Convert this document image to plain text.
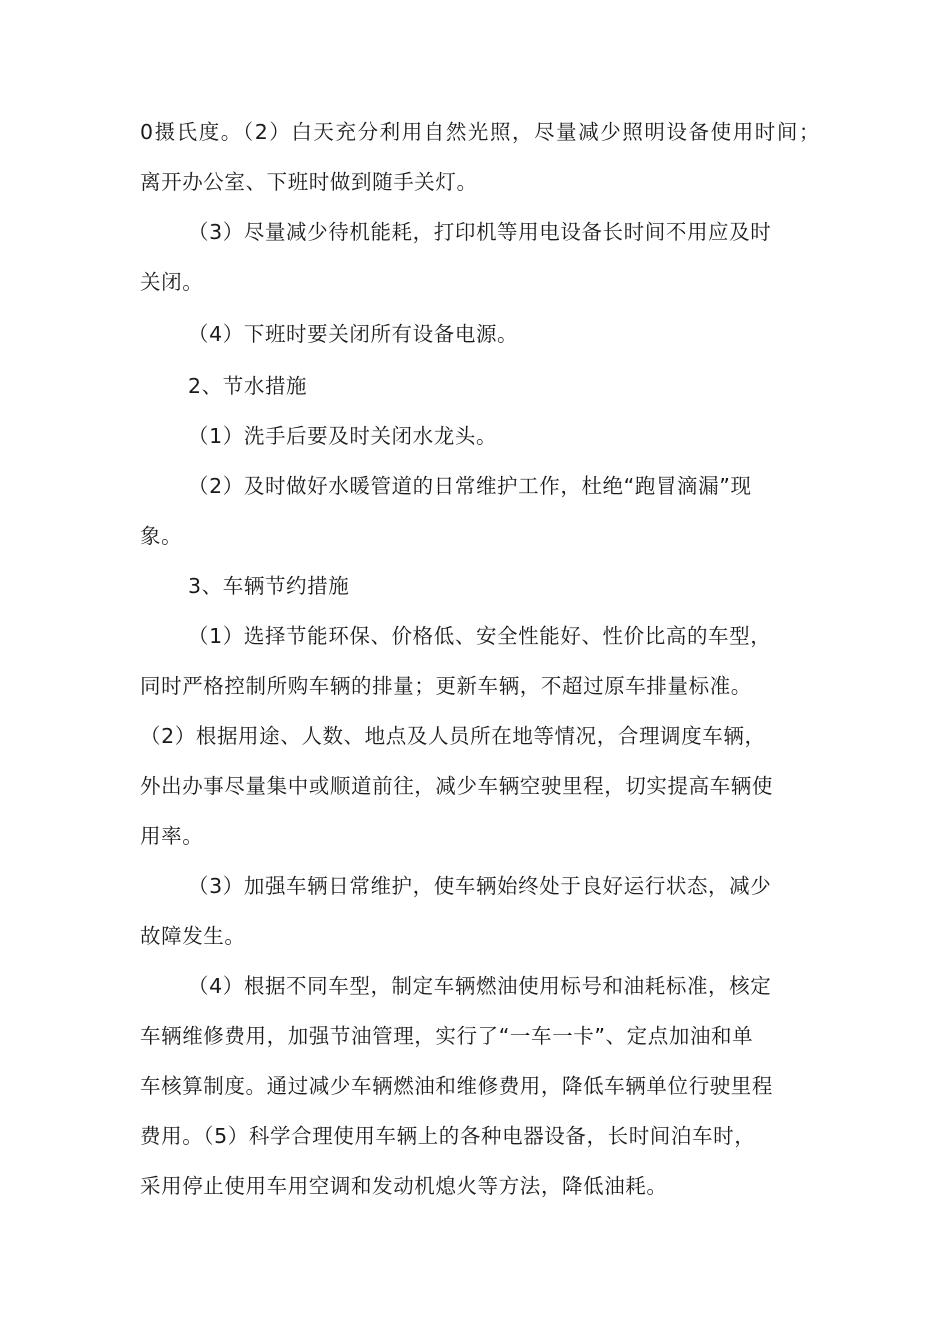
0摄氏度。（2）白天充分利用自然光照，尽量减少照明设备使用时间；
离开办公室、下班时做到随手关灯。
（3）尽量减少待机能耗，打印机等用电设备长时间不用应及时
关闭。
（4）下班时要关闭所有设备电源。
2、节水措施
（1）洗手后要及时关闭水龙头。
（2）及时做好水暖管道的日常维护工作，杜绝“跑冒滴漏”现
象。
3、车辆节约措施
（1）选择节能环保、价格低、安全性能好、性价比高的车型，
同时严格控制所购车辆的排量；更新车辆，不超过原车排量标准。
（2）根据用途、人数、地点及人员所在地等情况，合理调度车辆，
外出办事尽量集中或顺道前往，减少车辆空驶里程，切实提高车辆使
用率。
（3）加强车辆日常维护，使车辆始终处于良好运行状态，减少
故障发生。
（4）根据不同车型，制定车辆燃油使用标号和油耗标准，核定
车辆维修费用，加强节油管理，实行了“一车一卡”、定点加油和单
车核算制度。通过减少车辆燃油和维修费用，降低车辆单位行驶里程
费用。（5）科学合理使用车辆上的各种电器设备，长时间泊车时，
采用停止使用车用空调和发动机熄火等方法，降低油耗。
